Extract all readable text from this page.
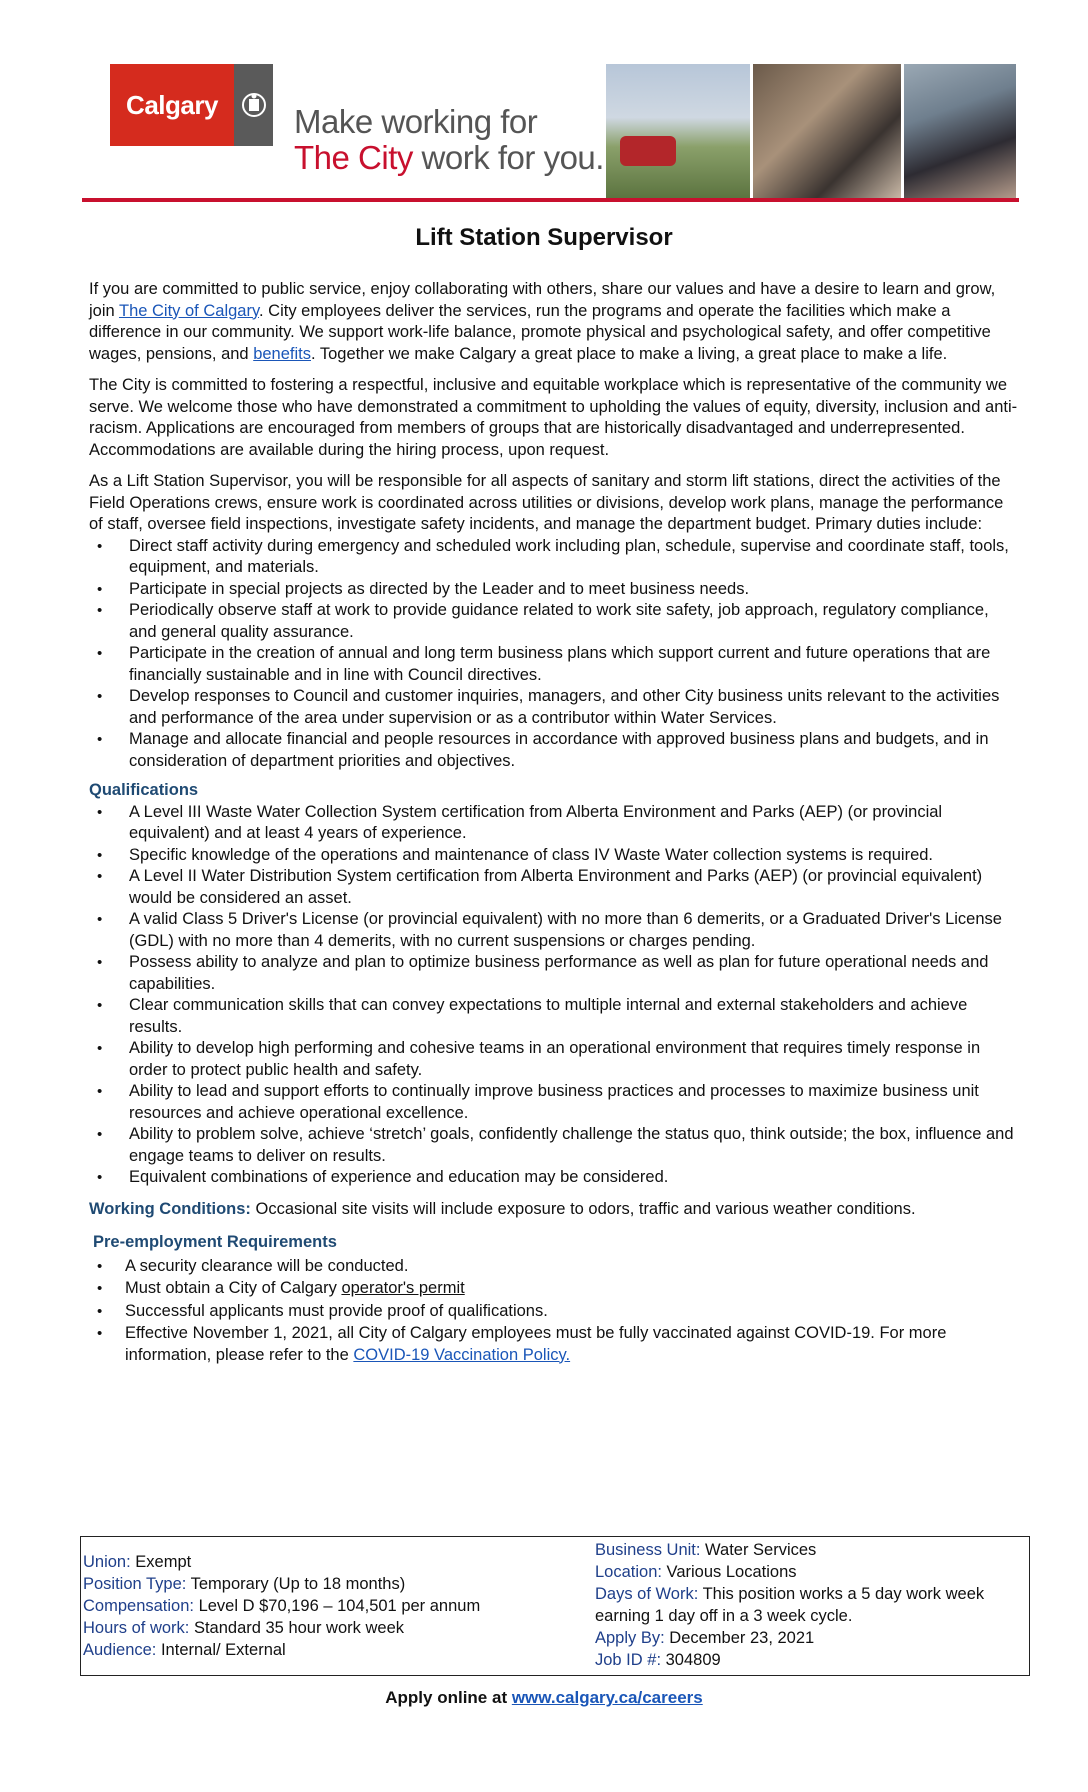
Calgary	Make working for
The City work for you.
Lift Station Supervisor

If you are committed to public service, enjoy collaborating with others, share our values and have a desire to learn and grow, join The City of Calgary. City employees deliver the services, run the programs and operate the facilities which make a difference in our community. We support work-life balance, promote physical and psychological safety, and offer competitive wages, pensions, and benefits. Together we make Calgary a great place to make a living, a great place to make a life.

The City is committed to fostering a respectful, inclusive and equitable workplace which is representative of the community we serve. We welcome those who have demonstrated a commitment to upholding the values of equity, diversity, inclusion and anti-racism. Applications are encouraged from members of groups that are historically disadvantaged and underrepresented. Accommodations are available during the hiring process, upon request.

As a Lift Station Supervisor, you will be responsible for all aspects of sanitary and storm lift stations, direct the activities of the Field Operations crews, ensure work is coordinated across utilities or divisions, develop work plans, manage the performance of staff, oversee field inspections, investigate safety incidents, and manage the department budget. Primary duties include:

• Direct staff activity during emergency and scheduled work including plan, schedule, supervise and coordinate staff, tools, equipment, and materials.
• Participate in special projects as directed by the Leader and to meet business needs.
• Periodically observe staff at work to provide guidance related to work site safety, job approach, regulatory compliance, and general quality assurance.
• Participate in the creation of annual and long term business plans which support current and future operations that are financially sustainable and in line with Council directives.
• Develop responses to Council and customer inquiries, managers, and other City business units relevant to the activities and performance of the area under supervision or as a contributor within Water Services.
• Manage and allocate financial and people resources in accordance with approved business plans and budgets, and in consideration of department priorities and objectives.
Qualifications
• A Level III Waste Water Collection System certification from Alberta Environment and Parks (AEP) (or provincial equivalent) and at least 4 years of experience.
• Specific knowledge of the operations and maintenance of class IV Waste Water collection systems is required.
• A Level II Water Distribution System certification from Alberta Environment and Parks (AEP) (or provincial equivalent) would be considered an asset.
• A valid Class 5 Driver's License (or provincial equivalent) with no more than 6 demerits, or a Graduated Driver's License (GDL) with no more than 4 demerits, with no current suspensions or charges pending.
• Possess ability to analyze and plan to optimize business performance as well as plan for future operational needs and capabilities.
• Clear communication skills that can convey expectations to multiple internal and external stakeholders and achieve results.
• Ability to develop high performing and cohesive teams in an operational environment that requires timely response in order to protect public health and safety.
• Ability to lead and support efforts to continually improve business practices and processes to maximize business unit resources and achieve operational excellence.
• Ability to problem solve, achieve ‘stretch’ goals, confidently challenge the status quo, think outside; the box, influence and engage teams to deliver on results.
• Equivalent combinations of experience and education may be considered.
Working Conditions: Occasional site visits will include exposure to odors, traffic and various weather conditions.
Pre-employment Requirements
• A security clearance will be conducted.
• Must obtain a City of Calgary operator's permit
• Successful applicants must provide proof of qualifications.
• Effective November 1, 2021, all City of Calgary employees must be fully vaccinated against COVID-19. For more information, please refer to the COVID-19 Vaccination Policy.
Union: Exempt
Position Type: Temporary (Up to 18 months)
Compensation: Level D $70,196 – 104,501 per annum
Hours of work: Standard 35 hour work week
Audience: Internal/ External
Business Unit: Water Services
Location: Various Locations
Days of Work: This position works a 5 day work week earning 1 day off in a 3 week cycle.
Apply By: December 23, 2021
Job ID #: 304809
Apply online at www.calgary.ca/careers
